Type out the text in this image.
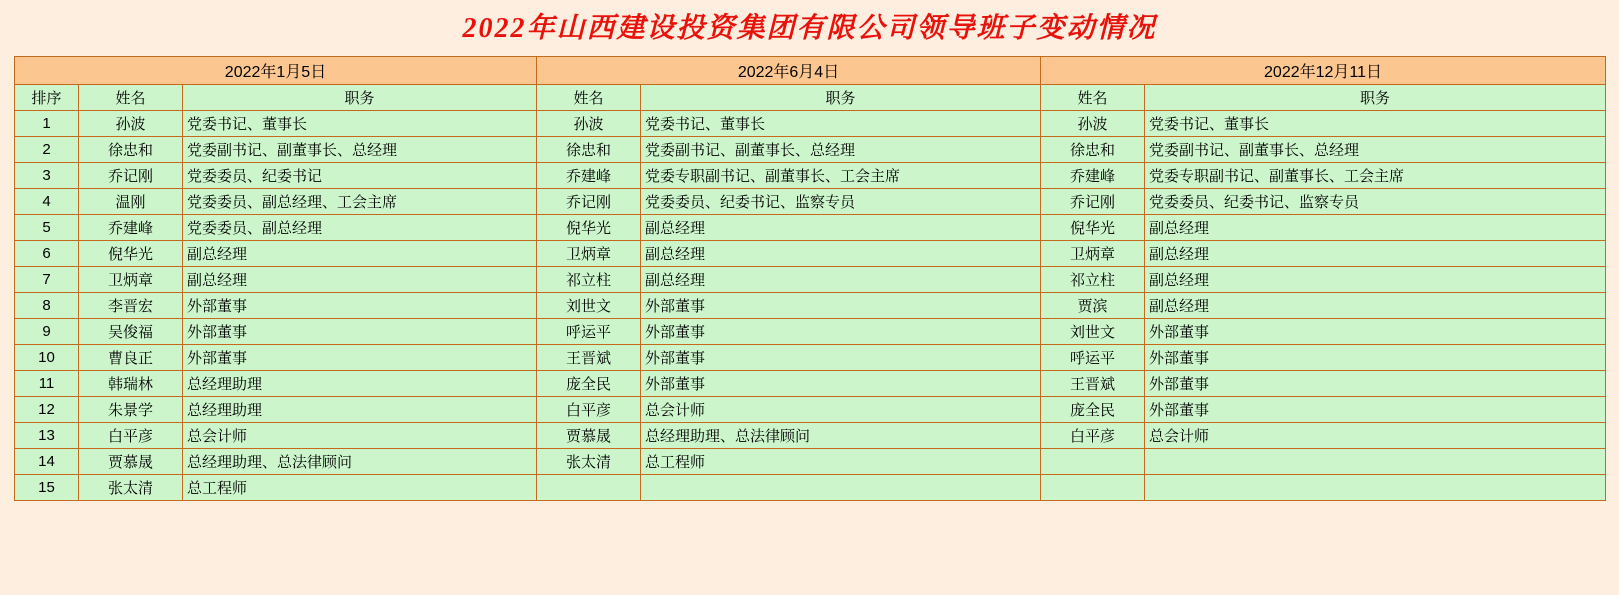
2022年山西建设投资集团有限公司领导班子变动情况
2022年1月5日			2022年6月4日		2022年12月11日	
排序	姓名	职务	姓名	职务	姓名	职务
1	孙波	党委书记、董事长	孙波	党委书记、董事长	孙波	党委书记、董事长
2	徐忠和	党委副书记、副董事长、总经理	徐忠和	党委副书记、副董事长、总经理	徐忠和	党委副书记、副董事长、总经理
3	乔记刚	党委委员、纪委书记	乔建峰	党委专职副书记、副董事长、工会主席	乔建峰	党委专职副书记、副董事长、工会主席
4	温刚	党委委员、副总经理、工会主席	乔记刚	党委委员、纪委书记、监察专员	乔记刚	党委委员、纪委书记、监察专员
5	乔建峰	党委委员、副总经理	倪华光	副总经理	倪华光	副总经理
6	倪华光	副总经理	卫炳章	副总经理	卫炳章	副总经理
7	卫炳章	副总经理	祁立柱	副总经理	祁立柱	副总经理
8	李晋宏	外部董事	刘世文	外部董事	贾滨	副总经理
9	吴俊福	外部董事	呼运平	外部董事	刘世文	外部董事
10	曹良正	外部董事	王晋斌	外部董事	呼运平	外部董事
11	韩瑞林	总经理助理	庞全民	外部董事	王晋斌	外部董事
12	朱景学	总经理助理	白平彦	总会计师	庞全民	外部董事
13	白平彦	总会计师	贾慕晟	总经理助理、总法律顾问	白平彦	总会计师
14	贾慕晟	总经理助理、总法律顾问	张太清	总工程师		
15	张太清	总工程师				
